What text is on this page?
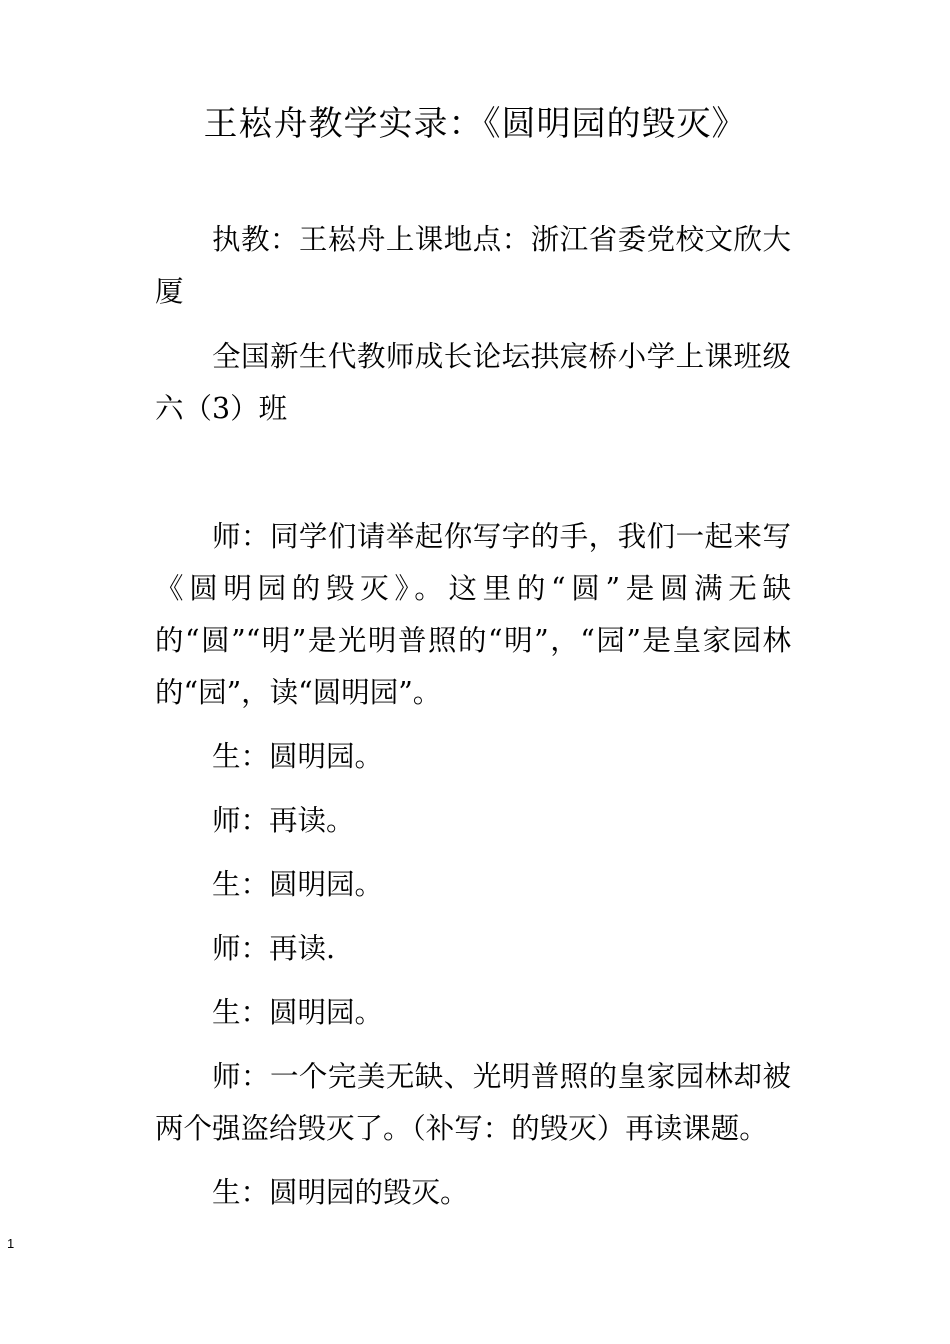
王崧舟教学实录：《圆明园的毁灭》

执教：王崧舟上课地点：浙江省委党校文欣大厦

全国新生代教师成长论坛拱宸桥小学上课班级六（3）班

师：同学们请举起你写字的手，我们一起来写《圆明园的毁灭》。这里的“圆”是圆满无缺的“圆”“明”是光明普照的“明”，“园”是皇家园林的“园”，读“圆明园”。

生：圆明园。

师：再读。

生：圆明园。

师：再读.

生：圆明园。

师：一个完美无缺、光明普照的皇家园林却被两个强盗给毁灭了。（补写：的毁灭）再读课题。

生：圆明园的毁灭。

1
